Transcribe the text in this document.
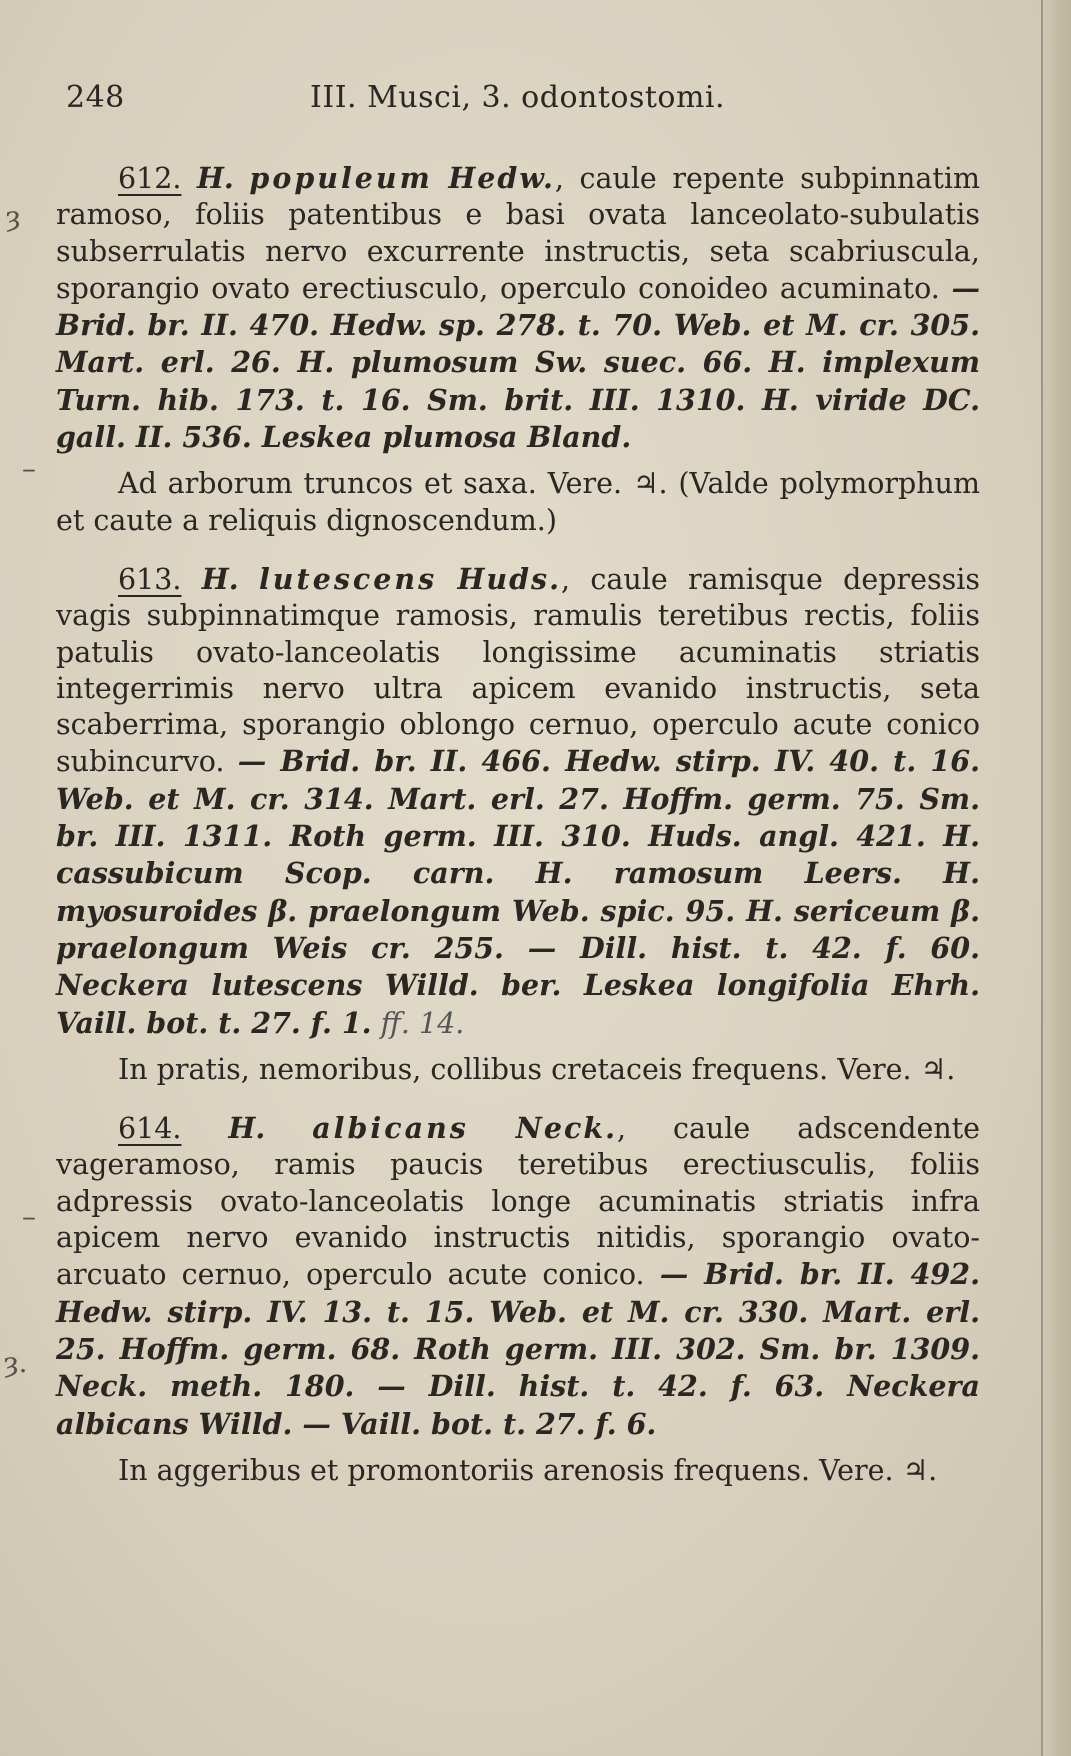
248	III. Musci, 3. odontostomi.
ȝ
–
–
ȝ.
612. H. populeum Hedw., caule repente subpinnatim ramoso, foliis patentibus e basi ovata lanceolato-subulatis subserrulatis nervo excurrente instructis, seta scabriuscula, sporangio ovato erectiusculo, operculo conoideo acuminato. — Brid. br. II. 470. Hedw. sp. 278. t. 70. Web. et M. cr. 305. Mart. erl. 26. H. plumosum Sw. suec. 66. H. implexum Turn. hib. 173. t. 16. Sm. brit. III. 1310. H. viride DC. gall. II. 536. Leskea plumosa Bland.
Ad arborum truncos et saxa. Vere. ♃. (Valde polymorphum et caute a reliquis dignoscendum.)
613. H. lutescens Huds., caule ramisque depressis vagis subpinnatimque ramosis, ramulis teretibus rectis, foliis patulis ovato-lanceolatis longissime acuminatis striatis integerrimis nervo ultra apicem evanido instructis, seta scaberrima, sporangio oblongo cernuo, operculo acute conico subincurvo. — Brid. br. II. 466. Hedw. stirp. IV. 40. t. 16. Web. et M. cr. 314. Mart. erl. 27. Hoffm. germ. 75. Sm. br. III. 1311. Roth germ. III. 310. Huds. angl. 421. H. cassubicum Scop. carn. H. ramosum Leers. H. myosuroides β. praelongum Web. spic. 95. H. sericeum β. praelongum Weis cr. 255. — Dill. hist. t. 42. f. 60. Neckera lutescens Willd. ber. Leskea longifolia Ehrh. Vaill. bot. t. 27. f. 1. ff. 14.
In pratis, nemoribus, collibus cretaceis frequens. Vere. ♃.
614. H. albicans Neck., caule adscendente vageramoso, ramis paucis teretibus erectiusculis, foliis adpressis ovato-lanceolatis longe acuminatis striatis infra apicem nervo evanido instructis nitidis, sporangio ovato-arcuato cernuo, operculo acute conico. — Brid. br. II. 492. Hedw. stirp. IV. 13. t. 15. Web. et M. cr. 330. Mart. erl. 25. Hoffm. germ. 68. Roth germ. III. 302. Sm. br. 1309. Neck. meth. 180. — Dill. hist. t. 42. f. 63. Neckera albicans Willd. — Vaill. bot. t. 27. f. 6.
In aggeribus et promontoriis arenosis frequens. Vere. ♃.
